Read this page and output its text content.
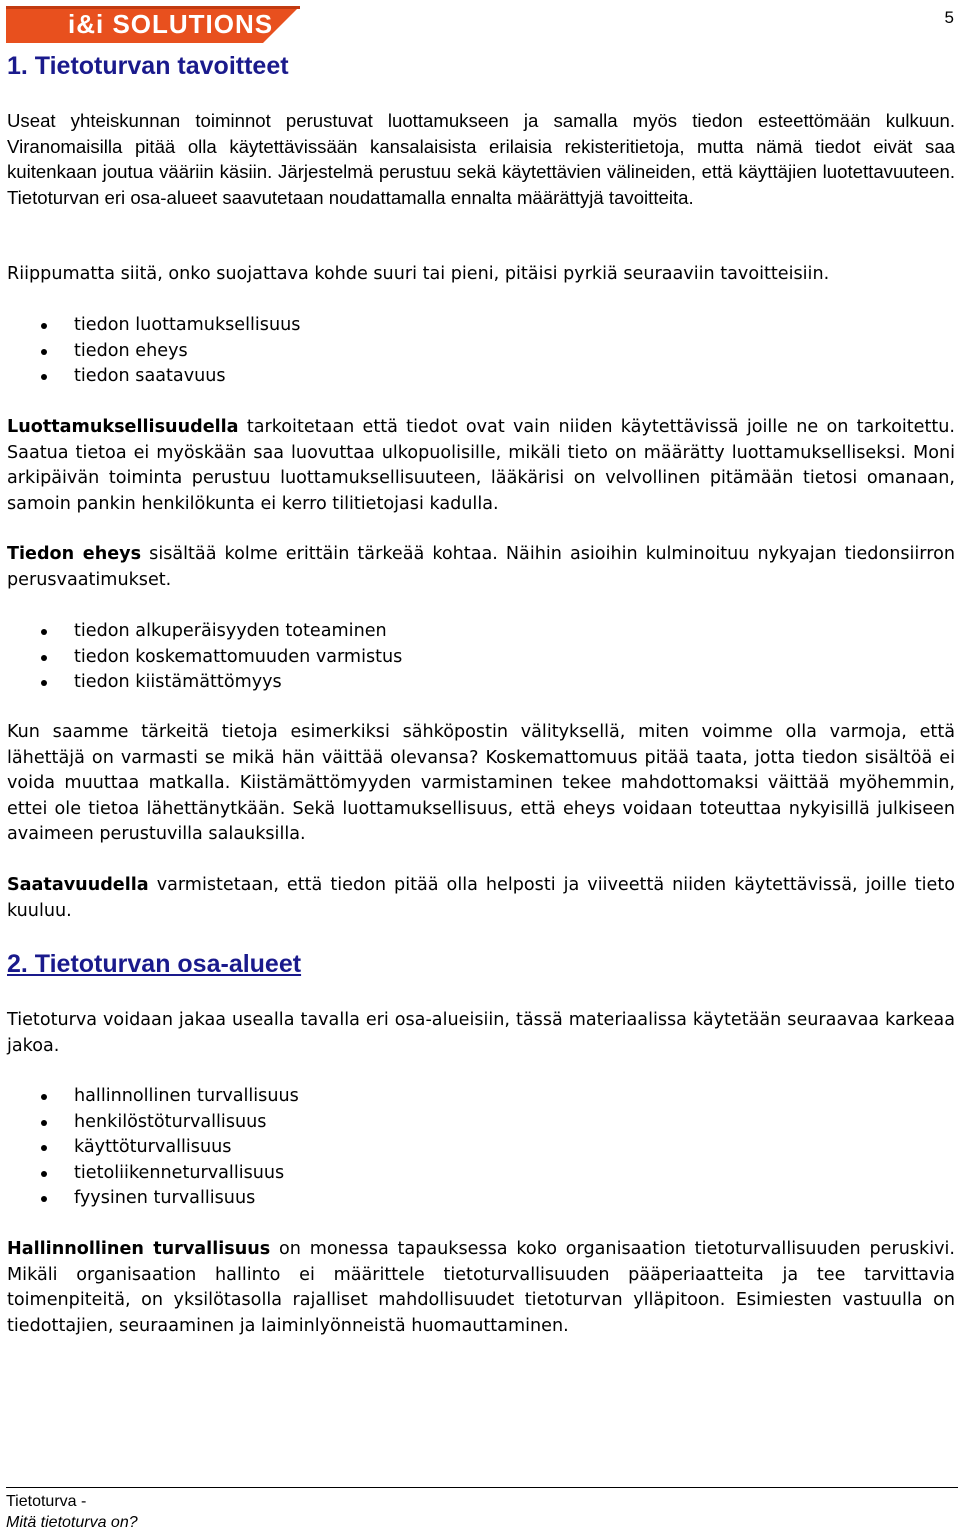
i&i SOLUTIONS	5
1. Tietoturvan tavoitteet

Useat yhteiskunnan toiminnot perustuvat luottamukseen ja samalla myös tiedon esteettömään kulkuun. Viranomaisilla pitää olla käytettävissään kansalaisista erilaisia rekisteritietoja, mutta nämä tiedot eivät saa kuitenkaan joutua vääriin käsiin. Järjestelmä perustuu sekä käytettävien välineiden, että käyttäjien luotettavuuteen. Tietoturvan eri osa-alueet saavutetaan noudattamalla ennalta määrättyjä tavoitteita.

Riippumatta siitä, onko suojattava kohde suuri tai pieni, pitäisi pyrkiä seuraaviin tavoitteisiin.

tiedon luottamuksellisuus
tiedon eheys
tiedon saatavuus

Luottamuksellisuudella tarkoitetaan että tiedot ovat vain niiden käytettävissä joille ne on tarkoitettu. Saatua tietoa ei myöskään saa luovuttaa ulkopuolisille, mikäli tieto on määrätty luottamukselliseksi. Moni arkipäivän toiminta perustuu luottamuksellisuuteen, lääkärisi on velvollinen pitämään tietosi omanaan, samoin pankin henkilökunta ei kerro tilitietojasi kadulla.

Tiedon eheys sisältää kolme erittäin tärkeää kohtaa. Näihin asioihin kulminoituu nykyajan tiedonsiirron perusvaatimukset.

tiedon alkuperäisyyden toteaminen
tiedon koskemattomuuden varmistus
tiedon kiistämättömyys

Kun saamme tärkeitä tietoja esimerkiksi sähköpostin välityksellä, miten voimme olla varmoja, että lähettäjä on varmasti se mikä hän väittää olevansa? Koskemattomuus pitää taata, jotta tiedon sisältöä ei voida muuttaa matkalla. Kiistämättömyyden varmistaminen tekee mahdottomaksi väittää myöhemmin, ettei ole tietoa lähettänytkään. Sekä luottamuksellisuus, että eheys voidaan toteuttaa nykyisillä julkiseen avaimeen perustuvilla salauksilla.

Saatavuudella varmistetaan, että tiedon pitää olla helposti ja viiveettä niiden käytettävissä, joille tieto kuuluu.

2. Tietoturvan osa-alueet

Tietoturva voidaan jakaa usealla tavalla eri osa-alueisiin, tässä materiaalissa käytetään seuraavaa karkeaa jakoa.

hallinnollinen turvallisuus
henkilöstöturvallisuus
käyttöturvallisuus
tietoliikenneturvallisuus
fyysinen turvallisuus

Hallinnollinen turvallisuus on monessa tapauksessa koko organisaation tietoturvallisuuden peruskivi. Mikäli organisaation hallinto ei määrittele tietoturvallisuuden pääperiaatteita ja tee tarvittavia toimenpiteitä, on yksilötasolla rajalliset mahdollisuudet tietoturvan ylläpitoon. Esimiesten vastuulla on tiedottajien, seuraaminen ja laiminlyönneistä huomauttaminen.

Tietoturva -
Mitä tietoturva on?
